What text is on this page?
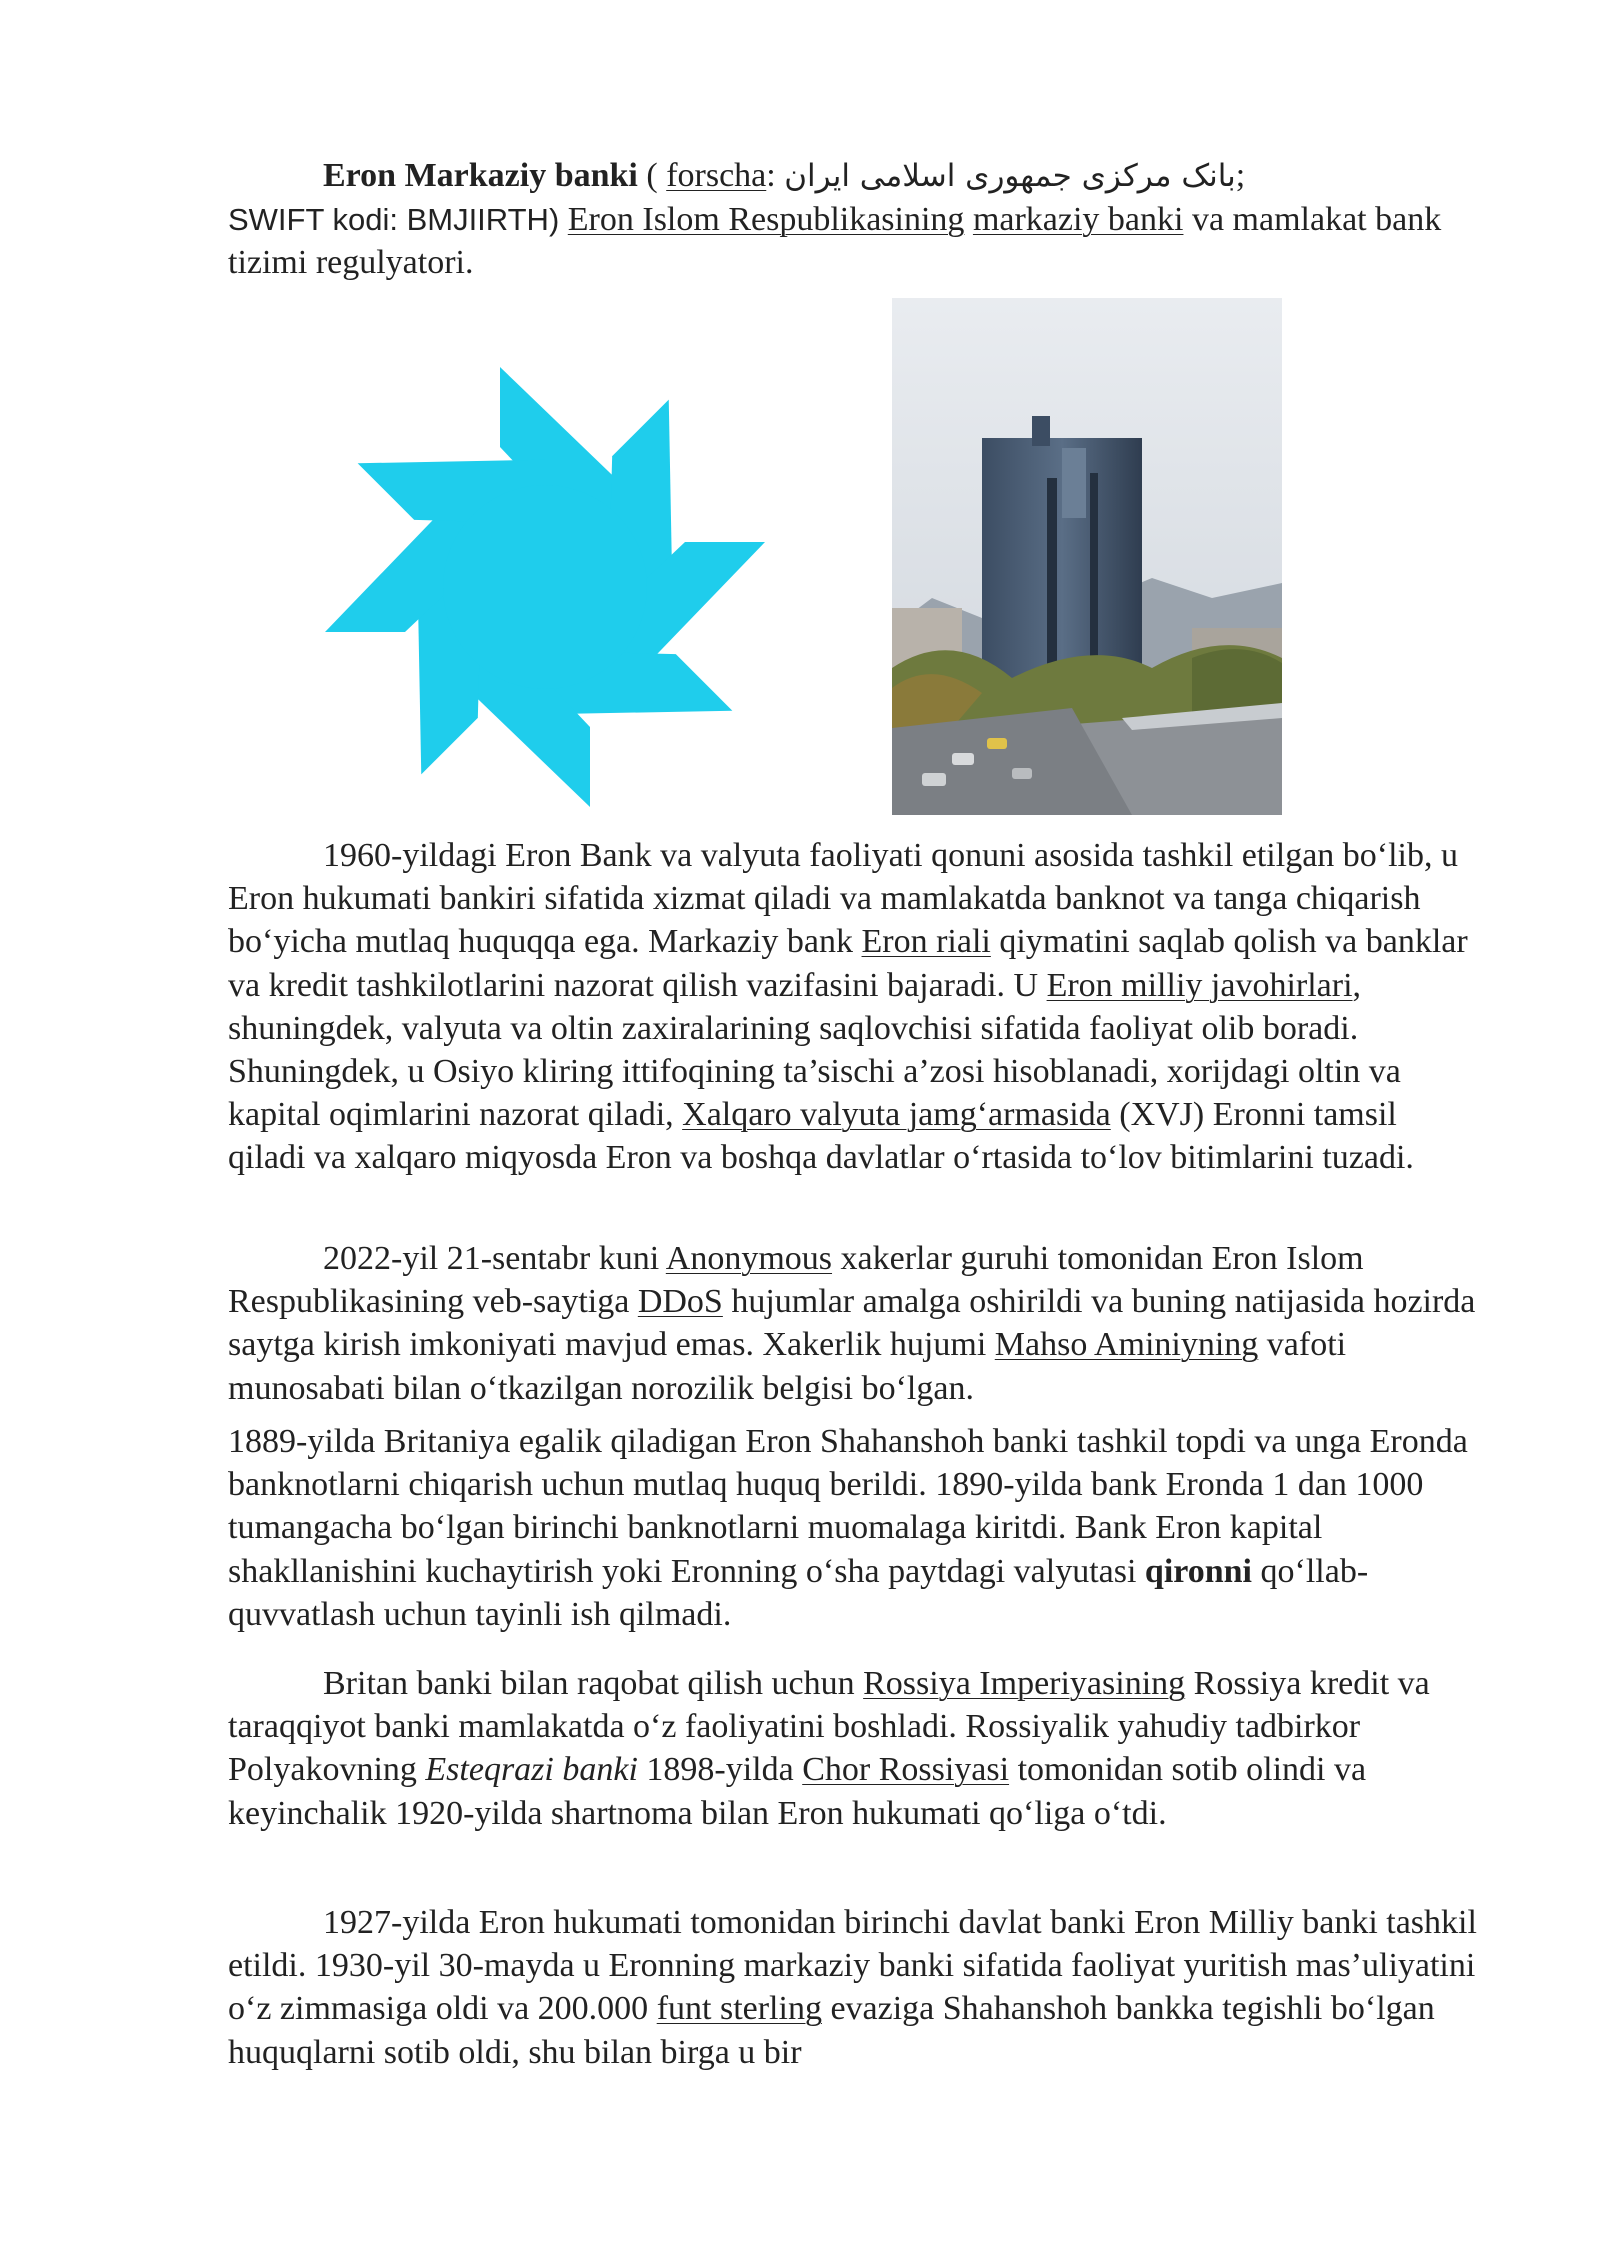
Eron Markaziy banki ( forscha: بانک مرکزی جمهوری اسلامی ایران;
SWIFT kodi: BMJIIRTH) Eron Islom Respublikasining markaziy banki va mamlakat bank tizimi regulyatori.

1960-yildagi Eron Bank va valyuta faoliyati qonuni asosida tashkil etilgan bo‘lib, u Eron hukumati bankiri sifatida xizmat qiladi va mamlakatda banknot va tanga chiqarish bo‘yicha mutlaq huquqqa ega. Markaziy bank Eron riali qiymatini saqlab qolish va banklar va kredit tashkilotlarini nazorat qilish vazifasini bajaradi. U Eron milliy javohirlari, shuningdek, valyuta va oltin zaxiralarining saqlovchisi sifatida faoliyat olib boradi. Shuningdek, u Osiyo kliring ittifoqining ta’sischi a’zosi hisoblanadi, xorijdagi oltin va kapital oqimlarini nazorat qiladi, Xalqaro valyuta jamg‘armasida (XVJ) Eronni tamsil qiladi va xalqaro miqyosda Eron va boshqa davlatlar o‘rtasida to‘lov bitimlarini tuzadi.

2022-yil 21-sentabr kuni Anonymous xakerlar guruhi tomonidan Eron Islom Respublikasining veb-saytiga DDoS hujumlar amalga oshirildi va buning natijasida hozirda saytga kirish imkoniyati mavjud emas. Xakerlik hujumi Mahso Aminiyning vafoti munosabati bilan o‘tkazilgan norozilik belgisi bo‘lgan.

1889-yilda Britaniya egalik qiladigan Eron Shahanshoh banki tashkil topdi va unga Eronda banknotlarni chiqarish uchun mutlaq huquq berildi. 1890-yilda bank Eronda 1 dan 1000 tumangacha bo‘lgan birinchi banknotlarni muomalaga kiritdi. Bank Eron kapital shakllanishini kuchaytirish yoki Eronning o‘sha paytdagi valyutasi qironni qo‘llab-quvvatlash uchun tayinli ish qilmadi.

Britan banki bilan raqobat qilish uchun Rossiya Imperiyasining Rossiya kredit va taraqqiyot banki mamlakatda o‘z faoliyatini boshladi. Rossiyalik yahudiy tadbirkor Polyakovning Esteqrazi banki 1898-yilda Chor Rossiyasi tomonidan sotib olindi va keyinchalik 1920-yilda shartnoma bilan Eron hukumati qo‘liga o‘tdi.

1927-yilda Eron hukumati tomonidan birinchi davlat banki Eron Milliy banki tashkil etildi. 1930-yil 30-mayda u Eronning markaziy banki sifatida faoliyat yuritish mas’uliyatini o‘z zimmasiga oldi va 200.000 funt sterling evaziga Shahanshoh bankka tegishli bo‘lgan huquqlarni sotib oldi, shu bilan birga u bir
